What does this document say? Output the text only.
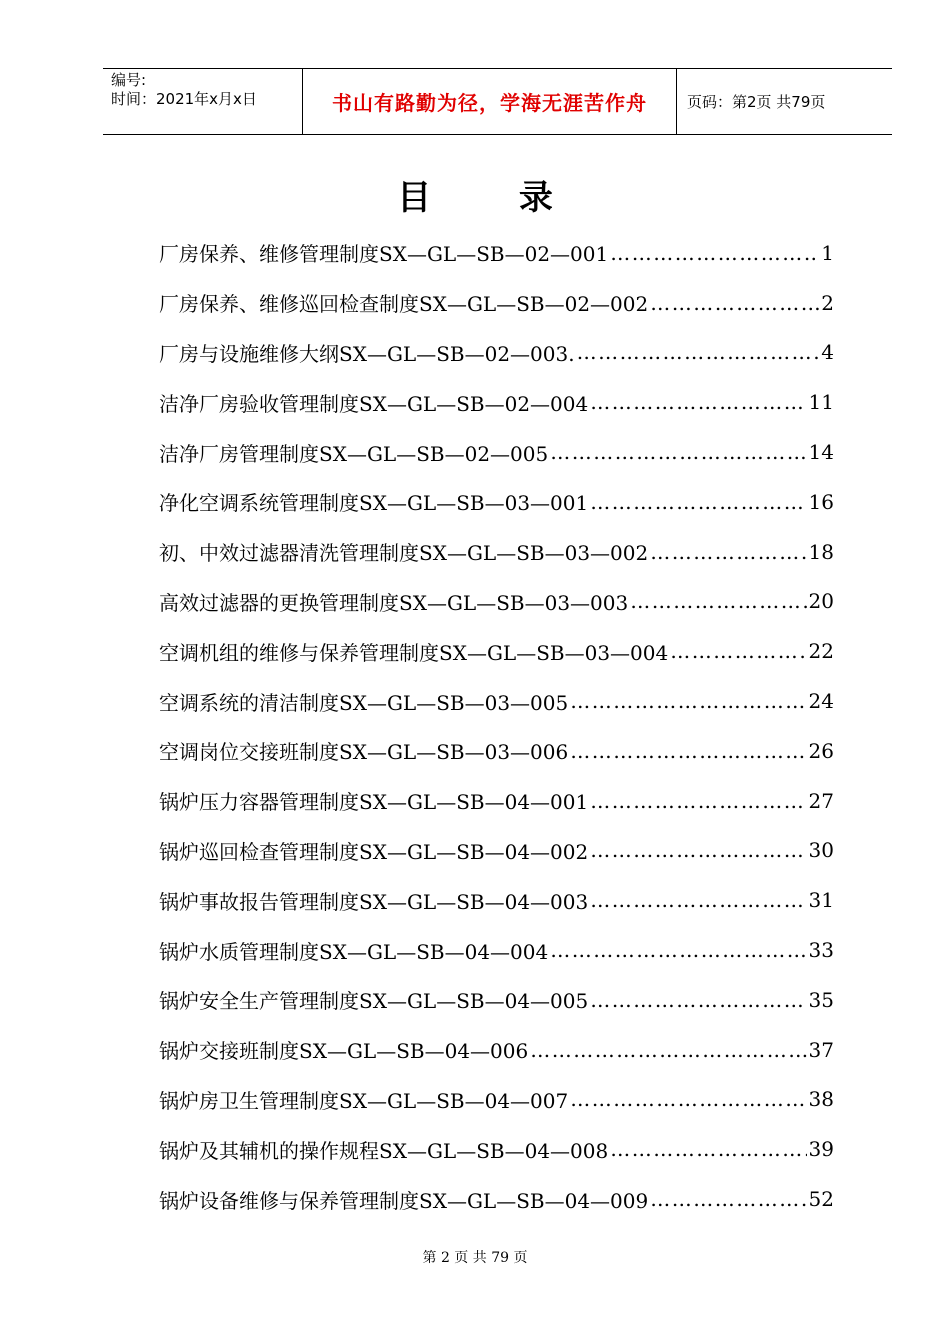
编号:
时间：2021年x月x日	书山有路勤为径，学海无涯苦作舟	页码：第2页 共79页
目 录
厂房保养、维修管理制度SX—GL—SB—02—001 ……………………………………………………………………………………………………………………………………	1
厂房保养、维修巡回检查制度SX—GL—SB—02—002 ……………………………………………………………………………………………………………………………………	2
厂房与设施维修大纲SX—GL—SB—02—003. ……………………………………………………………………………………………………………………………………	4
洁净厂房验收管理制度SX—GL—SB—02—004 ……………………………………………………………………………………………………………………………………	11
洁净厂房管理制度SX—GL—SB—02—005 ……………………………………………………………………………………………………………………………………	14
净化空调系统管理制度SX—GL—SB—03—001 ……………………………………………………………………………………………………………………………………	16
初、中效过滤器清洗管理制度SX—GL—SB—03—002 ……………………………………………………………………………………………………………………………………	18
高效过滤器的更换管理制度SX—GL—SB—03—003 ……………………………………………………………………………………………………………………………………	20
空调机组的维修与保养管理制度SX—GL—SB—03—004 ……………………………………………………………………………………………………………………………………	22
空调系统的清洁制度SX—GL—SB—03—005 ……………………………………………………………………………………………………………………………………	24
空调岗位交接班制度SX—GL—SB—03—006 ……………………………………………………………………………………………………………………………………	26
锅炉压力容器管理制度SX—GL—SB—04—001 ……………………………………………………………………………………………………………………………………	27
锅炉巡回检查管理制度SX—GL—SB—04—002 ……………………………………………………………………………………………………………………………………	30
锅炉事故报告管理制度SX—GL—SB—04—003 ……………………………………………………………………………………………………………………………………	31
锅炉水质管理制度SX—GL—SB—04—004 ……………………………………………………………………………………………………………………………………	33
锅炉安全生产管理制度SX—GL—SB—04—005 ……………………………………………………………………………………………………………………………………	35
锅炉交接班制度SX—GL—SB—04—006 ……………………………………………………………………………………………………………………………………	37
锅炉房卫生管理制度SX—GL—SB—04—007 ……………………………………………………………………………………………………………………………………	38
锅炉及其辅机的操作规程SX—GL—SB—04—008 ……………………………………………………………………………………………………………………………………	39
锅炉设备维修与保养管理制度SX—GL—SB—04—009 ……………………………………………………………………………………………………………………………………	52
第 2 页 共 79 页
